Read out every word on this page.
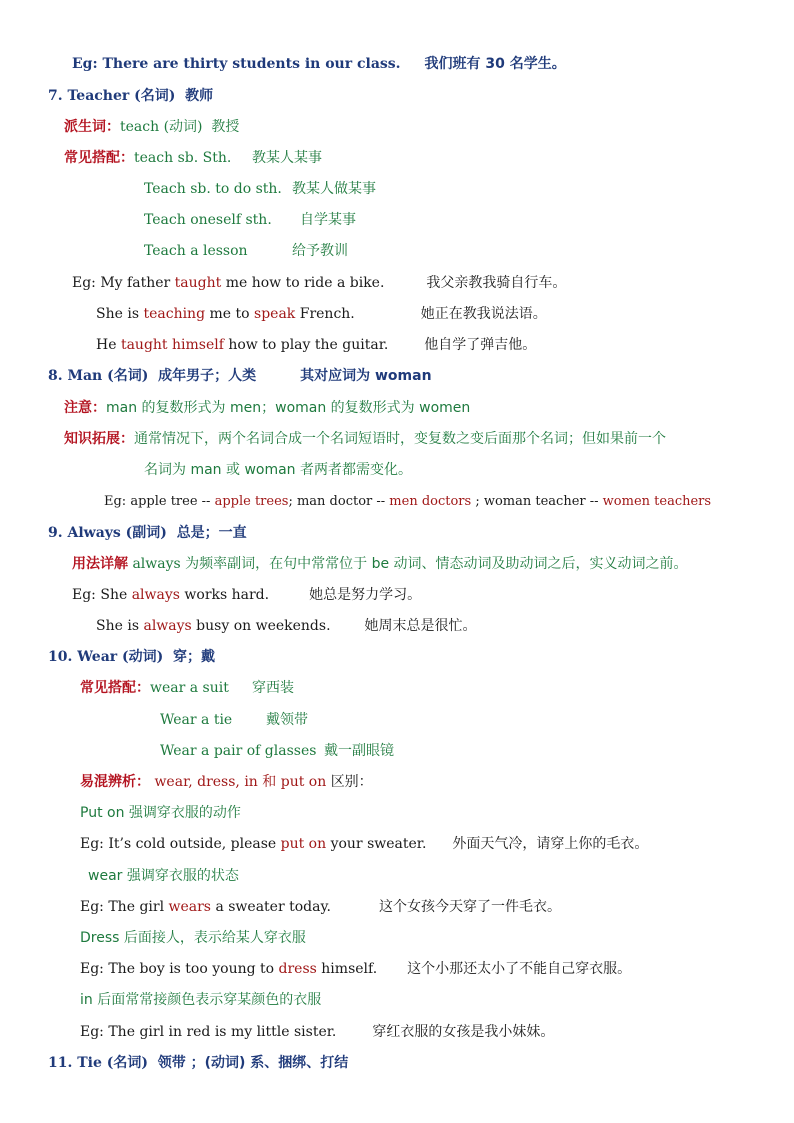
Eg: There are thirty students in our class. 我们班有 30 名学生。
7. Teacher (名词) 教师
派生词：teach (动词) 教授
常见搭配：teach sb. Sth. 教某人某事
Teach sb. to do sth. 教某人做某事
Teach oneself sth. 自学某事
Teach a lesson	给予教训
Eg: My father taught me how to ride a bike.	我父亲教我骑自行车。
She is teaching me to speak French.	她正在教我说法语。
He taught himself how to play the guitar.	他自学了弹吉他。
8. Man (名词) 成年男子；人类	其对应词为 woman
注意：man 的复数形式为 men；woman 的复数形式为 women
知识拓展：通常情况下，两个名词合成一个名词短语时，变复数之变后面那个名词；但如果前一个
名词为 man 或 woman 者两者都需变化。
Eg: apple tree -- apple trees; man doctor -- men doctors ; woman teacher -- women teachers
9. Always (副词) 总是；一直
用法详解 always 为频率副词，在句中常常位于 be 动词、情态动词及助动词之后，实义动词之前。
Eg: She always works hard.	她总是努力学习。
She is always busy on weekends. 她周末总是很忙。
10. Wear (动词) 穿；戴
常见搭配：wear a suit 穿西装
Wear a tie 戴领带
Wear a pair of glasses 戴一副眼镜
易混辨析： wear, dress, in 和 put on 区别：
Put on 强调穿衣服的动作
Eg: It’s cold outside, please put on your sweater. 外面天气冷，请穿上你的毛衣。
wear 强调穿衣服的状态
Eg: The girl wears a sweater today.	这个女孩今天穿了一件毛衣。
Dress 后面接人，表示给某人穿衣服
Eg: The boy is too young to dress himself. 这个小那还太小了不能自己穿衣服。
in 后面常常接颜色表示穿某颜色的衣服
Eg: The girl in red is my little sister.	穿红衣服的女孩是我小妹妹。
11. Tie (名词) 领带 ；(动词) 系、捆绑、打结
